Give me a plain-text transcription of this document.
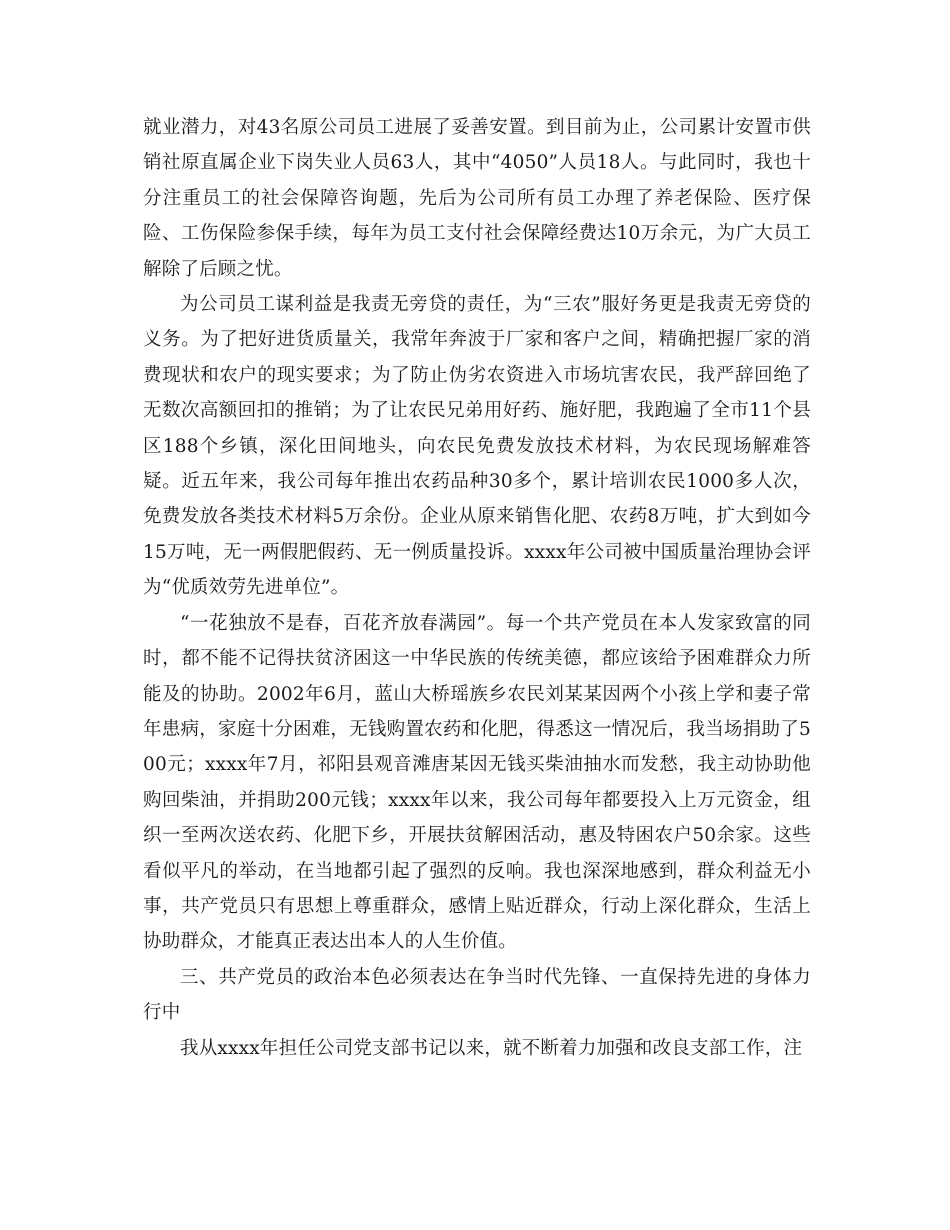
就业潜力，对43名原公司员工进展了妥善安置。到目前为止，公司累计安置市供销社原直属企业下岗失业人员63人，其中“4050”人员18人。与此同时，我也十分注重员工的社会保障咨询题，先后为公司所有员工办理了养老保险、医疗保险、工伤保险参保手续，每年为员工支付社会保障经费达10万余元，为广大员工解除了后顾之忧。

为公司员工谋利益是我责无旁贷的责任，为“三农”服好务更是我责无旁贷的义务。为了把好进货质量关，我常年奔波于厂家和客户之间，精确把握厂家的消费现状和农户的现实要求；为了防止伪劣农资进入市场坑害农民，我严辞回绝了无数次高额回扣的推销；为了让农民兄弟用好药、施好肥，我跑遍了全市11个县区188个乡镇，深化田间地头，向农民免费发放技术材料，为农民现场解难答疑。近五年来，我公司每年推出农药品种30多个，累计培训农民1000多人次，免费发放各类技术材料5万余份。企业从原来销售化肥、农药8万吨，扩大到如今15万吨，无一两假肥假药、无一例质量投诉。xxxx年公司被中国质量治理协会评为“优质效劳先进单位”。

“一花独放不是春，百花齐放春满园”。每一个共产党员在本人发家致富的同时，都不能不记得扶贫济困这一中华民族的传统美德，都应该给予困难群众力所能及的协助。2002年6月，蓝山大桥瑶族乡农民刘某某因两个小孩上学和妻子常年患病，家庭十分困难，无钱购置农药和化肥，得悉这一情况后，我当场捐助了500元；xxxx年7月，祁阳县观音滩唐某因无钱买柴油抽水而发愁，我主动协助他购回柴油，并捐助200元钱；xxxx年以来，我公司每年都要投入上万元资金，组织一至两次送农药、化肥下乡，开展扶贫解困活动，惠及特困农户50余家。这些看似平凡的举动，在当地都引起了强烈的反响。我也深深地感到，群众利益无小事，共产党员只有思想上尊重群众，感情上贴近群众，行动上深化群众，生活上协助群众，才能真正表达出本人的人生价值。

三、共产党员的政治本色必须表达在争当时代先锋、一直保持先进的身体力行中

我从xxxx年担任公司党支部书记以来，就不断着力加强和改良支部工作，注
